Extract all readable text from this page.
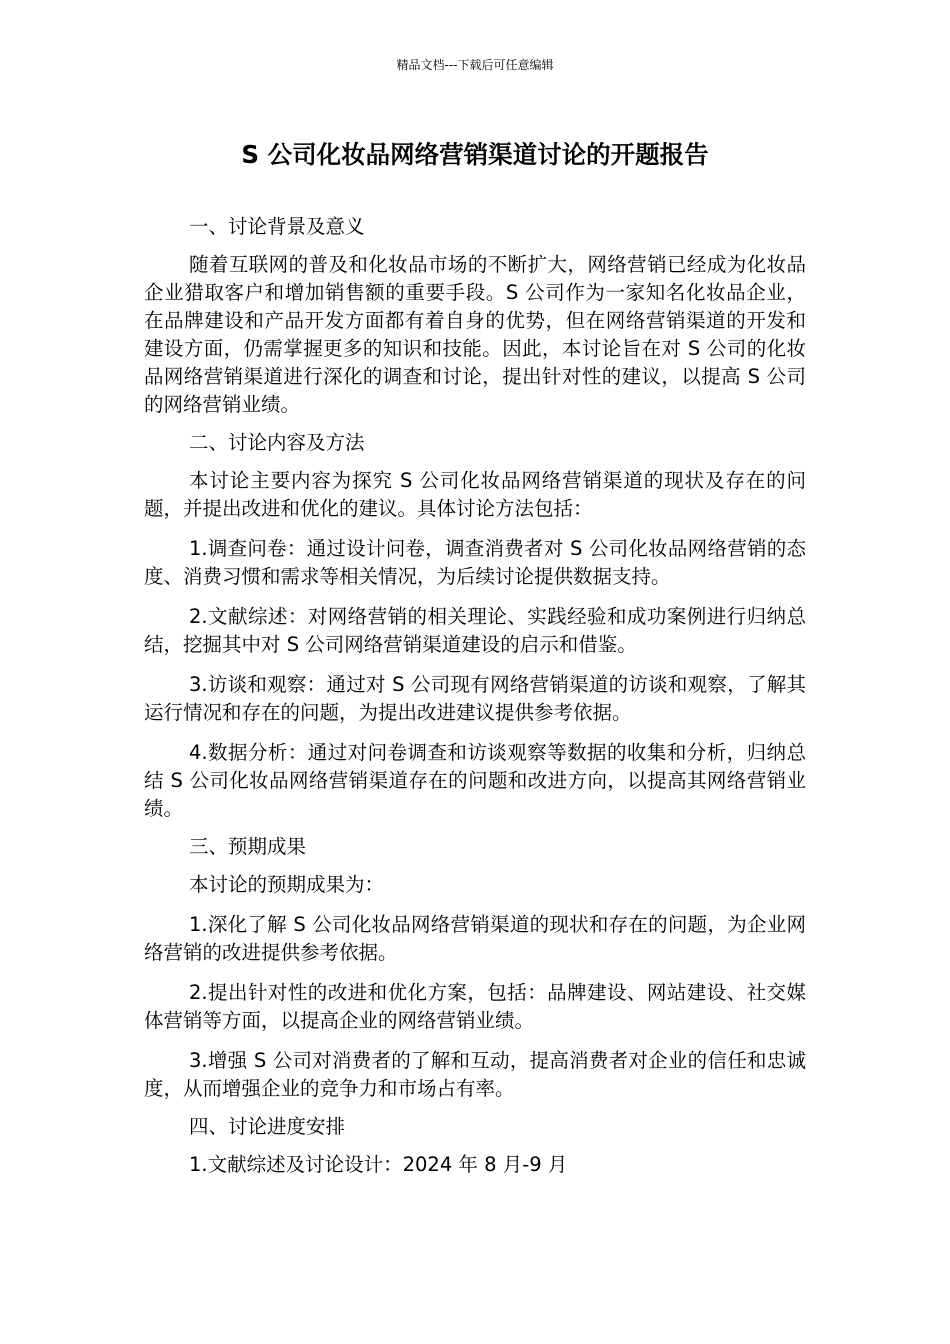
精品文档---下载后可任意编辑
S 公司化妆品网络营销渠道讨论的开题报告

一、讨论背景及意义

随着互联网的普及和化妆品市场的不断扩大，网络营销已经成为化妆品企业猎取客户和增加销售额的重要手段。S 公司作为一家知名化妆品企业，在品牌建设和产品开发方面都有着自身的优势，但在网络营销渠道的开发和建设方面，仍需掌握更多的知识和技能。因此，本讨论旨在对 S 公司的化妆品网络营销渠道进行深化的调查和讨论，提出针对性的建议，以提高 S 公司的网络营销业绩。

二、讨论内容及方法

本讨论主要内容为探究 S 公司化妆品网络营销渠道的现状及存在的问题，并提出改进和优化的建议。具体讨论方法包括：

1.调查问卷：通过设计问卷，调查消费者对 S 公司化妆品网络营销的态度、消费习惯和需求等相关情况，为后续讨论提供数据支持。

2.文献综述：对网络营销的相关理论、实践经验和成功案例进行归纳总结，挖掘其中对 S 公司网络营销渠道建设的启示和借鉴。

3.访谈和观察：通过对 S 公司现有网络营销渠道的访谈和观察，了解其运行情况和存在的问题，为提出改进建议提供参考依据。

4.数据分析：通过对问卷调查和访谈观察等数据的收集和分析，归纳总结 S 公司化妆品网络营销渠道存在的问题和改进方向，以提高其网络营销业绩。

三、预期成果

本讨论的预期成果为：

1.深化了解 S 公司化妆品网络营销渠道的现状和存在的问题，为企业网络营销的改进提供参考依据。

2.提出针对性的改进和优化方案，包括：品牌建设、网站建设、社交媒体营销等方面，以提高企业的网络营销业绩。

3.增强 S 公司对消费者的了解和互动，提高消费者对企业的信任和忠诚度，从而增强企业的竞争力和市场占有率。

四、讨论进度安排

1.文献综述及讨论设计：2024 年 8 月-9 月
